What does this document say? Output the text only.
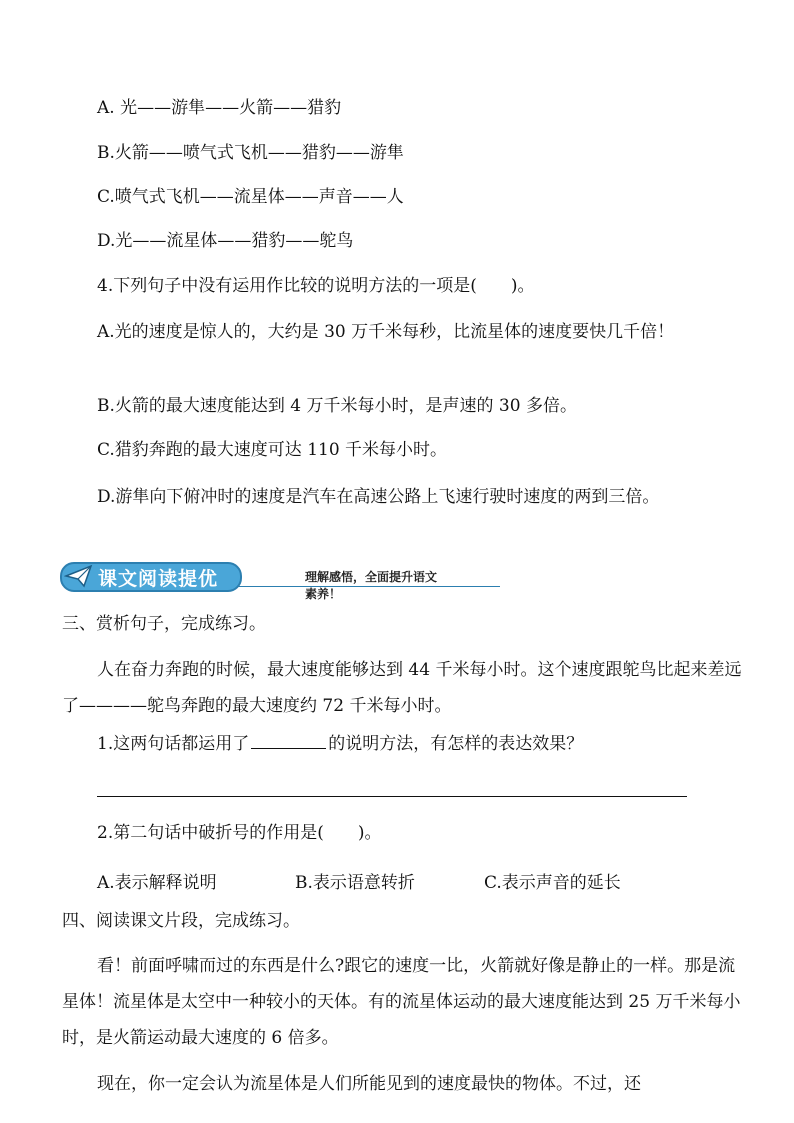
A. 光——游隼——火箭——猎豹
B.火箭——喷气式飞机——猎豹——游隼
C.喷气式飞机——流星体——声音——人
D.光——流星体——猎豹——鸵鸟
4.下列句子中没有运用作比较的说明方法的一项是(　　)。
A.光的速度是惊人的，大约是 30 万千米每秒，比流星体的速度要快几千倍！
B.火箭的最大速度能达到 4 万千米每小时，是声速的 30 多倍。
C.猎豹奔跑的最大速度可达 110 千米每小时。
D.游隼向下俯冲时的速度是汽车在高速公路上飞速行驶时速度的两到三倍。
课文阅读提优	理解感悟，全面提升语文素养！
三、赏析句子，完成练习。
人在奋力奔跑的时候，最大速度能够达到 44 千米每小时。这个速度跟鸵鸟比起来差远了————鸵鸟奔跑的最大速度约 72 千米每小时。
1.这两句话都运用了	的说明方法，有怎样的表达效果？
2.第二句话中破折号的作用是(　　)。
A.表示解释说明	B.表示语意转折	C.表示声音的延长
四、阅读课文片段，完成练习。
看！前面呼啸而过的东西是什么?跟它的速度一比，火箭就好像是静止的一样。那是流星体！流星体是太空中一种较小的天体。有的流星体运动的最大速度能达到 25 万千米每小时，是火箭运动最大速度的 6 倍多。
现在，你一定会认为流星体是人们所能见到的速度最快的物体。不过，还
